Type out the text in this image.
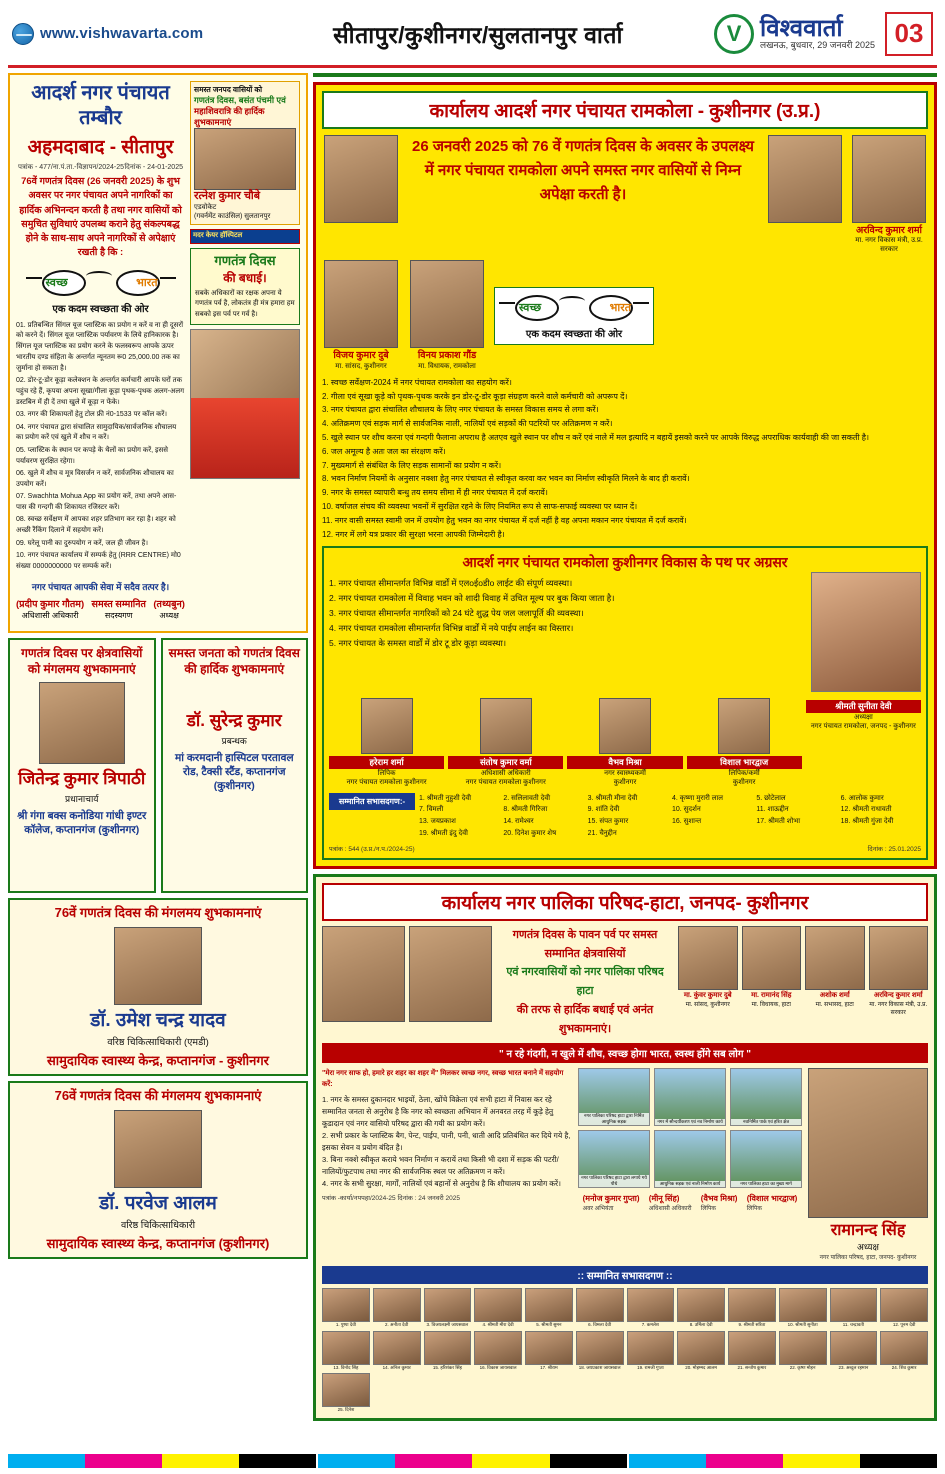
www.vishwavarta.com	सीतापुर/कुशीनगर/सुलतानपुर वार्ता	V विश्ववार्ता
लखनऊ, बुधवार, 29 जनवरी 2025 03
आदर्श नगर पंचायत तम्बौर
अहमदाबाद - सीतापुर
पत्रांक - 477/ना.पं.ता.-विज्ञापन/2024-25 दिनांक - 24-01-2025
76वें गणतंत्र दिवस (26 जनवरी 2025) के शुभ अवसर पर नगर पंचायत अपने नागरिकों का हार्दिक अभिनन्दन करती है तथा नगर वासियों को समुचित सुविधाएं उपलब्ध कराने हेतु संकल्पबद्ध होने के साथ-साथ अपने नागरिकों से अपेक्षाएं रखती है कि :
स्वच्छ	भारत
एक कदम स्वच्छता की ओर
01. प्रतिबन्धित सिंगल यूज प्लास्टिक का प्रयोग न करें व ना ही दूसरों को करने दें। सिंगल यूज प्लास्टिक पर्यावरण के लिये हानिकारक है। सिंगल यूज प्लास्टिक का प्रयोग करने के फलस्वरूप आपके ऊपर भारतीय दण्ड संहिता के अन्तर्गत न्यूनतम रू0 25,000.00 तक का जुर्माना हो सकता है।
02. डोर-टू-डोर कूड़ा कलेक्शन के अन्तर्गत कर्मचारी आपके घरों तक पहुंच रहे हैं, कृपया अपना सूखा/गीला कूड़ा पृथक-पृथक अलग-अलग डस्टबिन में ही दें तथा खुले में कूड़ा न फेंके।
03. नगर की शिकायतों हेतु टोल फ्री नं0-1533 पर कॉल करें।
04. नगर पंचायत द्वारा संचालित सामुदायिक/सार्वजनिक शौचालय का प्रयोग करें एवं खुले में शौच न करें।
05. प्लास्टिक के स्थान पर कपड़े के थैलों का प्रयोग करें, इससे पर्यावरण सुरक्षित रहेगा।
06. खुले में शौच व मूत्र विसर्जन न करें, सार्वजनिक शौचालय का उपयोग करें।
07. Swachhta Mohua App का प्रयोग करें, तथा अपने आस-पास की गन्दगी की शिकायत रजिस्टर करें।
08. स्वच्छ सर्वेक्षण में आपका शहर प्रतिभाग कर रहा है। शहर को अच्छी रैंकिंग दिलाने में सहयोग करें।
09. घरेलू पानी का दुरुपयोग न करें, जल ही जीवन है।
10. नगर पंचायत कार्यालय में सम्पर्क हेतु (RRR CENTRE) मो0 संख्या 0000000000 पर सम्पर्क करें।
नगर पंचायत आपकी सेवा में सदैव तत्पर है।
(प्रदीप कुमार गौतम)
अधिशासी अधिकारी
समस्त सम्मानित
सदस्यगण
(तथ्यबुन)
अध्यक्ष
समस्त जनपद वासियों को
गणतंत्र दिवस, बसंत पंचमी एवं
महाशिवरात्रि की हार्दिक शुभकामनाएं
रत्नेश कुमार चौबे
एडवोकेट
(गवर्नमेंट काउंसिल) सुलतानपुर
मदर केयर हॉस्पिटल
गणतंत्र दिवस
की बधाई।
सबके अधिकारों का रक्षक अपना ये गणतंत्र पर्व है, लोकतंत्र ही मंत्र हमारा हम सबको इस पर्व पर गर्व है।
गणतंत्र दिवस पर क्षेत्रवासियों को मंगलमय शुभकामनाएं
जितेन्द्र कुमार त्रिपाठी
प्रधानाचार्य
श्री गंगा बक्स कनोडिया गांधी इण्टर कॉलेज, कप्तानगंज (कुशीनगर)
समस्त जनता को गणतंत्र दिवस की हार्दिक शुभकामनाएं
डॉ. सुरेन्द्र कुमार
प्रबन्धक
मां करमदानी हास्पिटल परतावल रोड, टैक्सी स्टैंड, कप्तानगंज (कुशीनगर)
76वें गणतंत्र दिवस की मंगलमय शुभकामनाएं
डॉ. उमेश चन्द्र यादव
वरिष्ठ चिकित्साधिकारी (एमडी)
सामुदायिक स्वास्थ्य केन्द्र, कप्तानगंज - कुशीनगर
76वें गणतंत्र दिवस की मंगलमय शुभकामनाएं
डॉ. परवेज आलम
वरिष्ठ चिकित्साधिकारी
सामुदायिक स्वास्थ्य केन्द्र, कप्तानगंज (कुशीनगर)
कार्यालय आदर्श नगर पंचायत रामकोला - कुशीनगर (उ.प्र.)
26 जनवरी 2025 को 76 वें गणतंत्र दिवस के अवसर के उपलक्ष्य में नगर पंचायत रामकोला अपने समस्त नगर वासियों से निम्न अपेक्षा करती है।
अरविन्द कुमार शर्मा
मा. नगर विकास मंत्री, उ.प्र. सरकार
विजय कुमार दुबे
मा. सांसद, कुशीनगर
विनय प्रकाश गौंड
मा. विधायक, रामकोला
स्वच्छ	भारत
एक कदम स्वच्छता की ओर
1. स्वच्छ सर्वेक्षण-2024 में नगर पंचायत रामकोला का सहयोग करें।
2. गीला एवं सूखा कूड़े को पृथक-पृथक करके इन डोर-टू-डोर कूड़ा संग्रहण करने वाले कर्मचारी को अपरूप दें।
3. नगर पंचायत द्वारा संचालित शौचालय के लिए नगर पंचायत के समस्त विकास समय से लगा करें।
4. अतिक्रमण एवं सड़क मार्ग से सार्वजनिक नाली, नालियों एवं सड़कों की पटरियों पर अतिक्रमण न करें।
5. खुले स्थान पर शौच करना एवं गन्दगी फैलाना अपराध है अतएव खुले स्थान पर शौच न करें एवं नाले में मल इत्यादि न बहायें इसको करने पर आपके विरुद्ध अपराधिक कार्यवाही की जा सकती है।
6. जल अमूल्य है अतः जल का संरक्षण करें।
7. मुख्यमार्ग से संबंधित के लिए सड़क सामानों का प्रयोग न करें।
8. भवन निर्माण नियमों के अनुसार नक्शा हेतु नगर पंचायत से स्वीकृत करवा कर भवन का निर्माण स्वीकृति मिलने के बाद ही करावें।
9. नगर के समस्त व्यापारी बन्धु तय समय सीमा में ही नगर पंचायत में दर्ज करावें।
10. वर्षाजल संचय की व्यवस्था भवनों में सुरक्षित रहने के लिए नियमित रूप से साफ-सफाई व्यवस्था पर ध्यान दें।
11. नगर वासी समस्त स्वामी जन में उपयोग हेतु भवन का नगर पंचायत में दर्ज नहीं है वह अपना मकान नगर पंचायत में दर्ज करावें।
12. नगर में लगे यत्र प्रकार की सुरक्षा भरना आपकी जिम्मेदारी है।
आदर्श नगर पंचायत रामकोला कुशीनगर विकास के पथ पर अग्रसर
1. नगर पंचायत सीमान्तर्गत विभिन्न वार्डों में एलoईoडीo लाईट की संपूर्ण व्यवस्था।
2. नगर पंचायत रामकोला में विवाह भवन को शादी विवाह में उचित मूल्य पर बुक किया जाता है।
3. नगर पंचायत सीमान्तर्गत नागरिकों को 24 घंटे शुद्ध पेय जल जलापूर्ति की व्यवस्था।
4. नगर पंचायत रामकोला सीमान्तर्गत विभिन्न वार्डों में नये पाईप लाईन का विस्तार।
5. नगर पंचायत के समस्त वार्डों में डोर टू डोर कूड़ा व्यवस्था।
हरेराम शर्मा
लिपिक
नगर पंचायत रामकोला कुशीनगर
संतोष कुमार वर्मा
अधिशासी अधिकारी
नगर पंचायत रामकोला कुशीनगर
वैभव मिश्रा
नगर स्वास्थ्यकर्मी
कुशीनगर
विशाल भारद्वाज
लिपिक/कर्मी
कुशीनगर
श्रीमती सुनीता देवी
अध्यक्षा
नगर पंचायत रामकोला, जनपद - कुशीनगर
सम्मानित सभासदगण:-	1. श्रीमती नुहुशी देवी	2. सलिलावती देवी	3. श्रीमती मीना देवी	4. कृष्णा मुरारी लाल	5. छोटेलाल	6. आलोक कुमार
7. विमली	8. श्रीमती गिरिजा	9. शांति देवी	10. सुदर्शन	11. शाऊद्दीन	12. श्रीमती राधावती
13. जयप्रकाश	14. रामेश्वर	15. संपत कुमार	16. सुशान्त	17. श्रीमती शोभा	18. श्रीमती गुंजा देवी
19. श्रीमती इंदु देवी	20. दिनेश कुमार शेष	21. चैनुद्दीन
पत्रांक : 544 (उ.प्र./न.प./2024-25)	दिनांक : 25.01.2025
कार्यालय नगर पालिका परिषद-हाटा, जनपद- कुशीनगर
गणतंत्र दिवस के पावन पर्व पर समस्त सम्मानित क्षेत्रवासियों
एवं नगरवासियों को नगर पालिका परिषद हाटा
की तरफ से हार्दिक बधाई एवं अनंत शुभकामनाएं।
मा. कुंवर कुमार दुबे
मा. सांसद, कुशीनगर
मा. रामानंद सिंह
मा. विधायक, हाटा
अशोक शर्मा
मा. सभासद, हाटा
अरविन्द कुमार शर्मा
मा. नगर विकास मंत्री, उ.प्र. सरकार
" न रहे गंदगी, न खुले में शौच, स्वच्छ होगा भारत, स्वस्थ होंगे सब लोग "
"मेरा नगर साफ हो, हमारे हर शहर का शहर में" मिलकर स्वच्छ नगर, स्वच्छ भारत बनाने में सहयोग करें:
1. नगर के समस्त दुकानदार भाइयों, ठेला, खोंचे विक्रेता एवं सभी हाटा में निवास कर रहे सम्मानित जनता से अनुरोध है कि नगर को स्वच्छता अभियान में अनवरत तरह में कूड़े हेतु कूडादान एवं नगर वासियो परिषद द्वारा की गयी का प्रयोग करें।
2. सभी प्रकार के प्लास्टिक बैग, पेन्ट, पाईप, पानी, पनी, धाती आदि प्रतिबंधित कर दिये गये है, इसका सेवन व प्रयोग बंदित है।
3. बिना नक्शे स्वीकृत कराये भवन निर्माण न करायें तथा किसी भी दशा में सड़क की पटरी/नालियों/फुटपाथ तथा नगर की सार्वजनिक स्थल पर अतिक्रमण न करें।
4. नगर के सभी सुरक्षा, मार्गों, नालियों एवं बहानों से अनुरोध है कि शौचालय का प्रयोग करें।
पत्रांक -कार्या/नपपहा/2024-25 दिनांक : 24 जनवरी 2025
नगर पालिका परिषद हाटा द्वारा निर्मित आधुनिक सड़क	नगर में सौन्दर्यीकरण एवं नव निर्माण कार्य	नवनिर्मित पार्क एवं हरित क्षेत्र
नगर पालिका परिषद हाटा द्वारा लगाये गये पौधे	आधुनिक सड़क एवं नाली निर्माण कार्य	नगर पालिका हाटा का मुख्य मार्ग
(मनोज कुमार गुप्ता)
अवर अभियंता
(मीनू सिंह)
अधिशासी अधिकारी
(वैभव मिश्रा)
लिपिक
(विशाल भारद्वाज)
लिपिक
रामानन्द सिंह
अध्यक्ष
नगर पालिका परिषद, हाटा, जनपद- कुशीनगर
:: सम्मानित सभासदगण ::
1. पुष्पा देवी	2. अनीता देवी	3. विजयलक्ष्मी जायसवाल	4. श्रीमती मीरा देवी	5. श्रीमती सुमन	6. विमला देवी	7. कमलेश	8. उर्मिला देवी	9. श्रीमती सरिता	10. श्रीमती सुनीता	11. चन्द्रावती	12. पूनम देवी
13. विनोद सिंह	14. अनिल कुमार	15. हरिशंकर सिंह	16. विकास जायसवाल	17. श्रीराम	18. जयप्रकाश जायसवाल	19. रामजी गुप्ता	20. मोहम्मद आलम	21. सन्तोष कुमार	22. कृष्ण मोहन	23. अब्दुल रहमान	24. शिव कुमार
25. दिनेश
